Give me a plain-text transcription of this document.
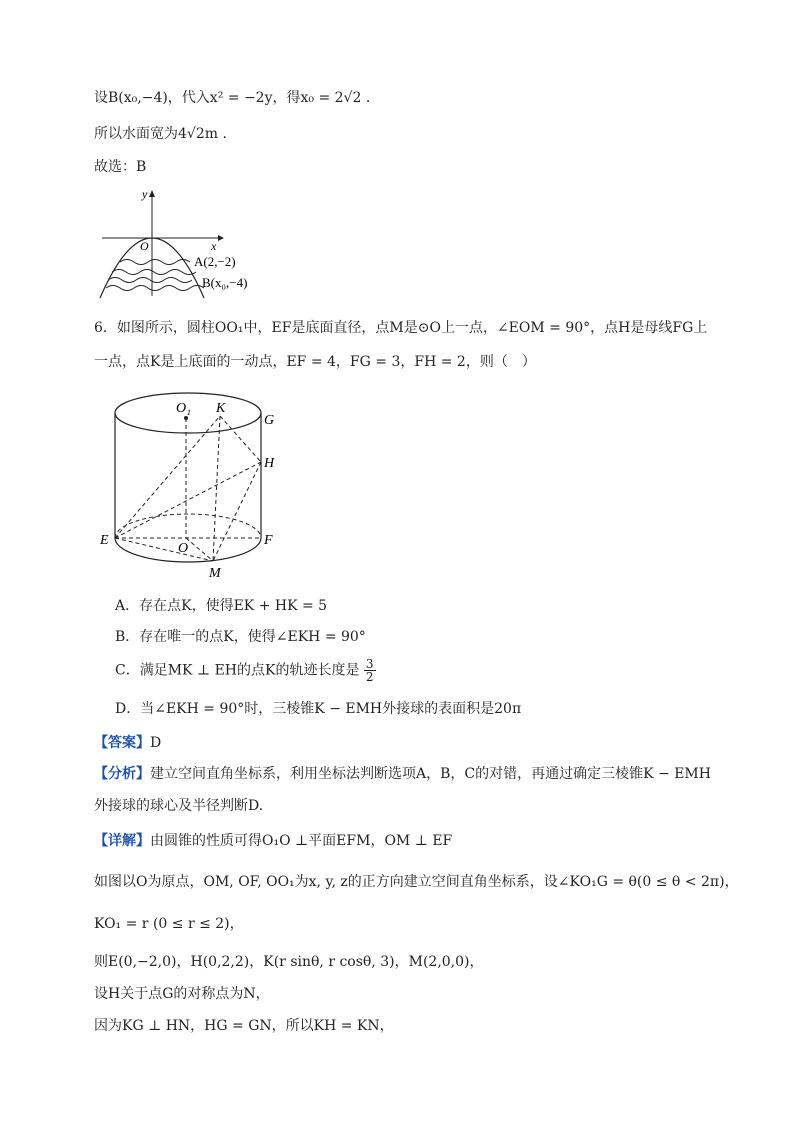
设B(x₀,−4)，代入x² = −2y，得x₀ = 2√2 .
所以水面宽为4√2m .
故选：B
y
x
O
A(2,−2)
B(x₀,−4)
6．如图所示，圆柱OO₁中，EF是底面直径，点M是⊙O上一点，∠EOM = 90°，点H是母线FG上
一点，点K是上底面的一动点，EF = 4，FG = 3，FH = 2，则（　）
O₁ K
G
H
E
O
F
M
A．存在点K，使得EK + HK = 5
B．存在唯一的点K，使得∠EKH = 90°
C．满足MK ⊥ EH的点K的轨迹长度是 $\frac{3}{2}$
D．当∠EKH = 90°时，三棱锥K − EMH外接球的表面积是20π
【答案】D
【分析】建立空间直角坐标系，利用坐标法判断选项A，B，C的对错，再通过确定三棱锥K − EMH
外接球的球心及半径判断D.
【详解】由圆锥的性质可得O₁O ⊥平面EFM，OM ⊥ EF
如图以O为原点，OM, OF, OO₁为x, y, z的正方向建立空间直角坐标系，设∠KO₁G = θ(0 ≤ θ < 2π)，
KO₁ = r (0 ≤ r ≤ 2)，
则E(0,−2,0)，H(0,2,2)，K(r sinθ, r cosθ, 3)，M(2,0,0)，
设H关于点G的对称点为N，
因为KG ⊥ HN，HG = GN，所以KH = KN，
